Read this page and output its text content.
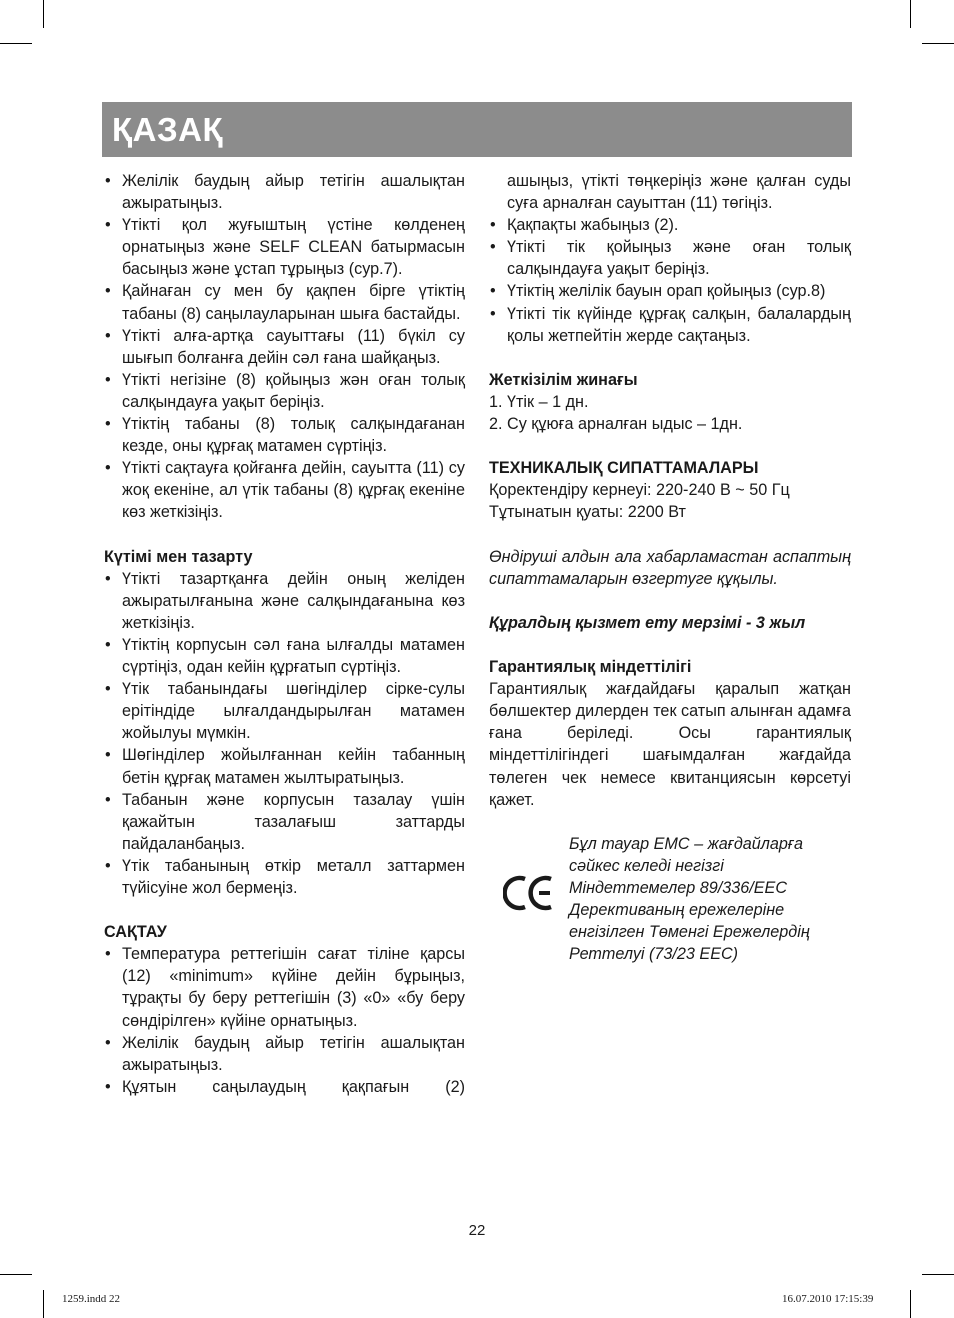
ҚАЗАҚ
• Желілік баудың айыр тетігін ашалықтан ажыратыңыз.
• Үтікті қол жуғыштың үстіне көлденең орнатыңыз және SELF CLEAN батырмасын басыңыз және ұстап тұрыңыз (сур.7).
• Қайнаған су мен бу қақпен бірге үтіктің табаны (8) саңылауларынан шыға бастайды.
• Үтікті алға-артқа сауыттағы (11) бүкіл су шығып болғанға дейін сәл ғана шайқаңыз.
• Үтікті негізіне (8) қойыңыз жән оған толық салқындауға уақыт беріңіз.
• Үтіктің табаны (8) толық салқындағанан кезде, оны құрғақ матамен сүртіңіз.
• Үтікті сақтауға қойғанға дейін, сауытта (11) су жоқ екеніне, ал үтік табаны (8) құрғақ екеніне көз жеткізіңіз.
Күтімі мен тазарту
• Үтікті тазартқанға дейін оның желіден ажыратылғанына және салқындағанына көз жеткізіңіз.
• Үтіктің корпусын сәл ғана ылғалды матамен сүртіңіз, одан кейін құрғатып сүртіңіз.
• Үтік табанындағы шөгінділер сірке-сулы ерітіндіде ылғалдандырылған матамен жойылуы мүмкін.
• Шөгінділер жойылғаннан кейін табанның бетін құрғақ матамен жылтыратыңыз.
• Табанын және корпусын тазалау үшін қажайтын тазалағыш заттарды пайдаланбаңыз.
• Үтік табанының өткір металл заттармен түйісуіне жол бермеңіз.
САҚТАУ
• Температура реттегішін сағат тіліне қарсы (12) «minimum» күйіне дейін бұрыңыз, тұрақты бу беру реттегішін (3) «0» «бу беру сөндірілген» күйіне орнатыңыз.
• Желілік баудың айыр тетігін ашалықтан ажыратыңыз.
• Құятын саңылаудың қақпағын (2)

ашыңыз, үтікті төңкеріңіз және қалған суды суға арналған сауыттан (11) төгіңіз.

• Қақпақты жабыңыз (2).
• Үтікті тік қойыңыз және оған толық салқындауға уақыт беріңіз.
• Үтіктің желілік бауын орап қойыңыз (сур.8)
• Үтікті тік күйінде құрғақ салқын, балалардың қолы жетпейтін жерде сақтаңыз.
Жеткізілім жинағы
1. Үтік – 1 дн.
2. Су құюға арналған ыдыс – 1дн.
ТЕХНИКАЛЫҚ СИПАТТАМАЛАРЫ

Қоректендіру кернеуі: 220-240 В ~ 50 Гц

Тұтынатын қуаты: 2200 Вт

Өндіруші алдын ала хабарламастан аспаптың сипаттамаларын өзгертуге құқылы.

Құралдың қызмет ету мерзімі - 3 жыл

Гарантиялық міндеттілігі

Гарантиялық жағдайдағы қаралып жатқан бөлшектер дилерден тек сатып алынған адамға ғана беріледі. Осы гарантиялық міндеттілігіндегі шағымдалған жағдайда төлеген чек немесе квитанциясын көрсетуі қажет.

Бұл тауар ЕМС – жағдайларға
сәйкес келеді негізгі
Міндеттемелер 89/336/ЕЕС
Дерективаның ережелеріне
енгізілген Төменгі Ережелердің
Реттелуі (73/23 ЕЕС)
22
1259.indd 22	16.07.2010 17:15:39
